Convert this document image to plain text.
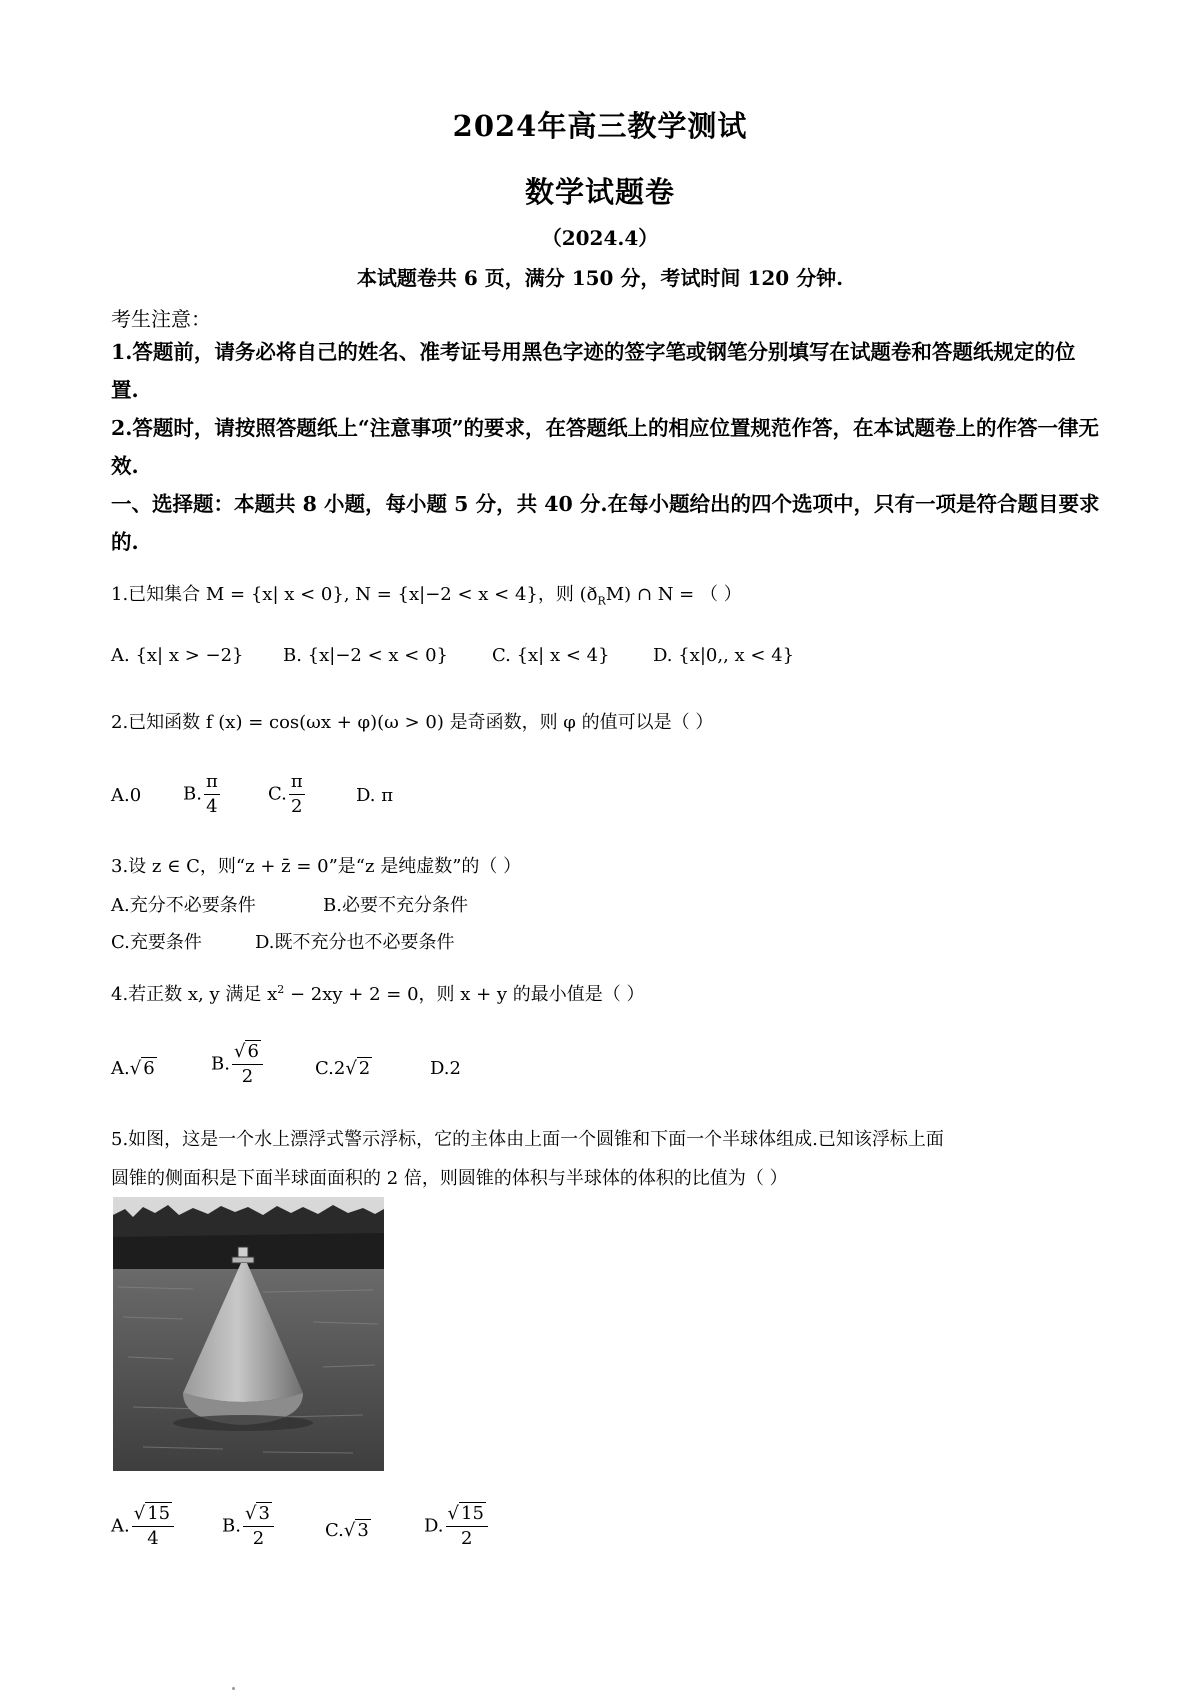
2024年高三教学测试
数学试题卷
（2024.4）
本试题卷共 6 页，满分 150 分，考试时间 120 分钟.
考生注意：
1.答题前，请务必将自己的姓名、准考证号用黑色字迹的签字笔或钢笔分别填写在试题卷和答题纸规定的位置.
2.答题时，请按照答题纸上“注意事项”的要求，在答题纸上的相应位置规范作答，在本试题卷上的作答一律无效.
一、选择题：本题共 8 小题，每小题 5 分，共 40 分.在每小题给出的四个选项中，只有一项是符合题目要求的.
1.已知集合 M = {x| x < 0}, N = {x|−2 < x < 4}，则 $(ð_RM)$ ∩ N = （ ）
A. {x| x > −2} B. {x|−2 < x < 0} C. {x| x < 4} D. {x|0,, x < 4}
2.已知函数 f (x) = cos(ωx + φ)(ω > 0) 是奇函数，则 φ 的值可以是（ ）
A.0 B. $\frac{\pi}{4}$	C. $\frac{\pi}{2}$	D. π
3.设 z ∈ C，则“z + z̄ = 0”是“z 是纯虚数”的（ ）
A.充分不必要条件	B.必要不充分条件
C.充要条件	D.既不充分也不必要条件
4.若正数 x, y 满足 $x^2 - 2xy + 2 = 0$，则 x + y 的最小值是（ ）
A.√ 6	B. $\frac{√ 6}{2}$	C.2√ 2	D.2
5.如图，这是一个水上漂浮式警示浮标，它的主体由上面一个圆锥和下面一个半球体组成.已知该浮标上面
圆锥的侧面积是下面半球面面积的 2 倍，则圆锥的体积与半球体的体积的比值为（ ）
A. $\frac{√ 15}{4}$	B. $\frac{√ 3}{2}$	C.√ 3	D. $\frac{√ 15}{2}$
